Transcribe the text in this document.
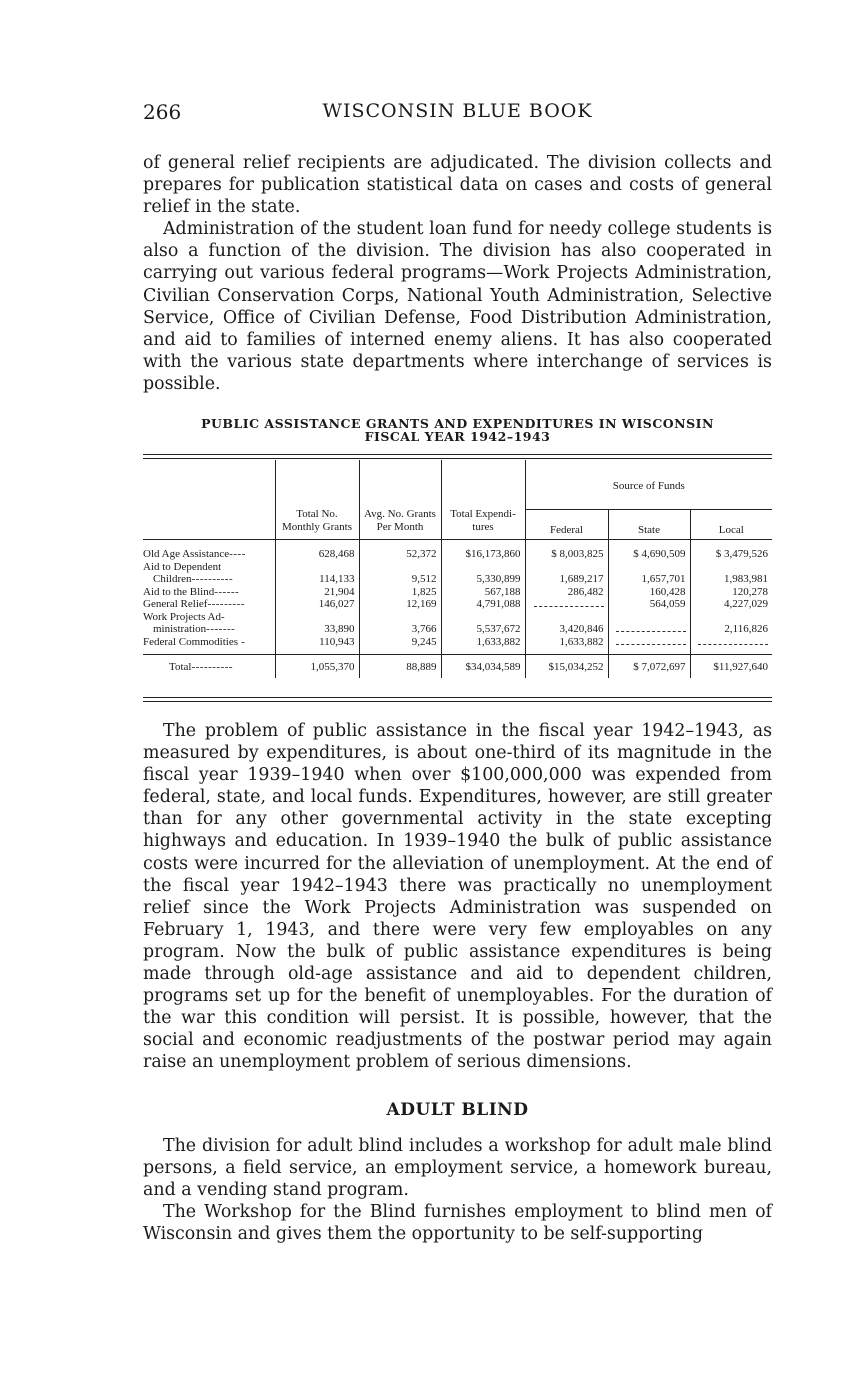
266	WISCONSIN BLUE BOOK

of general relief recipients are adjudicated. The division collects and prepares for publication statistical data on cases and costs of general relief in the state.

Administration of the student loan fund for needy college students is also a function of the division. The division has also cooperated in carrying out various federal programs—Work Projects Administration, Civilian Conservation Corps, National Youth Administration, Selective Service, Office of Civilian Defense, Food Distribution Administration, and aid to families of interned enemy aliens. It has also cooperated with the various state departments where interchange of services is possible.

PUBLIC ASSISTANCE GRANTS AND EXPENDITURES IN WISCONSIN
FISCAL YEAR 1942–1943
	Total No. Monthly Grants	Avg. No. Grants Per Month	Total Expendi- tures	Source of Funds		
				Federal	State	Local

Old Age Assistance----	628,468	52,372	$16,173,860	$ 8,003,825	$ 4,690,509	$ 3,479,526
Aid to Dependent						
Children----------	114,133	9,512	5,330,899	1,689,217	1,657,701	1,983,981
Aid to the Blind------	21,904	1,825	567,188	286,482	160,428	120,278
General Relief---------	146,027	12,169	4,791,088		564,059	4,227,029
Work Projects Ad-						
ministration-------	33,890	3,766	5,537,672	3,420,846		2,116,826
Federal Commodities -	110,943	9,245	1,633,882	1,633,882		
Total----------	1,055,370	88,889	$34,034,589	$15,034,252	$ 7,072,697	$11,927,640

The problem of public assistance in the fiscal year 1942–1943, as measured by expenditures, is about one-third of its magnitude in the fiscal year 1939–1940 when over $100,000,000 was expended from federal, state, and local funds. Expenditures, however, are still greater than for any other governmental activity in the state excepting highways and education. In 1939–1940 the bulk of public assistance costs were incurred for the alleviation of unemployment. At the end of the fiscal year 1942–1943 there was practically no unemployment relief since the Work Projects Administration was suspended on February 1, 1943, and there were very few employables on any program. Now the bulk of public assistance expenditures is being made through old-age assistance and aid to dependent children, programs set up for the benefit of unemployables. For the duration of the war this condition will persist. It is possible, however, that the social and economic readjustments of the postwar period may again raise an unemployment problem of serious dimensions.

ADULT BLIND

The division for adult blind includes a workshop for adult male blind persons, a field service, an employment service, a homework bureau, and a vending stand program.

The Workshop for the Blind furnishes employment to blind men of Wisconsin and gives them the opportunity to be self-supporting
